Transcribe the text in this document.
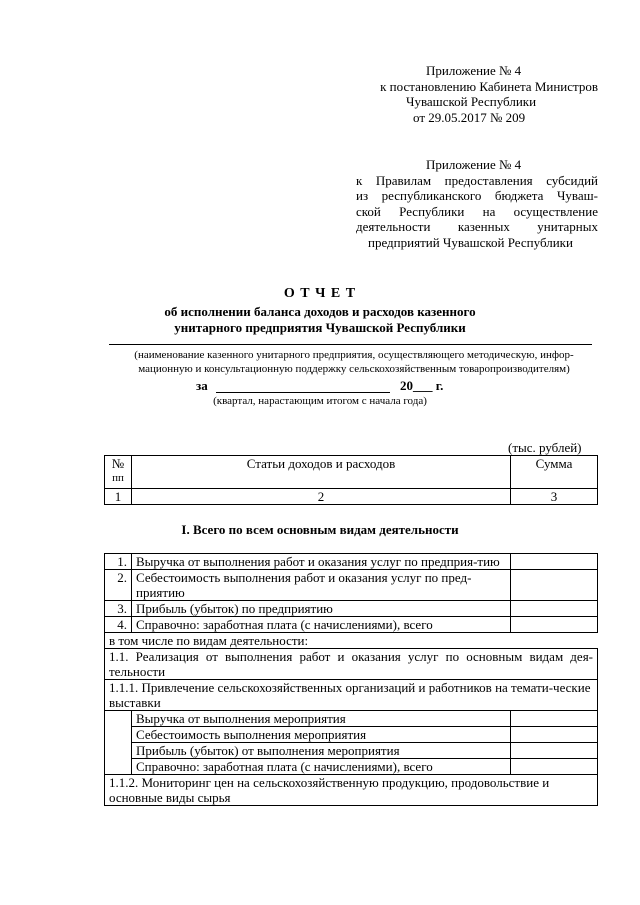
Приложение № 4
к постановлению Кабинета Министров
Чувашской Республики
от 29.05.2017 № 209
Приложение № 4
к Правилам предоставления субсидий
из республиканского бюджета Чуваш-
ской Республики на осуществление
деятельности казенных унитарных
предприятий Чувашской Республики
О Т Ч Е Т
об исполнении баланса доходов и расходов казенного
унитарного предприятия Чувашской Республики
(наименование казенного унитарного предприятия, осуществляющего методическую, инфор-
мационную и консультационную поддержку сельскохозяйственным товаропроизводителям)
за	20___ г.
(квартал, нарастающим итогом с начала года)
(тыс. рублей)
№
пп	Статьи доходов и расходов	Сумма
1	2	3
I. Всего по всем основным видам деятельности
1.	Выручка от выполнения работ и оказания услуг по предприя-тию	
2.	Себестоимость выполнения работ и оказания услуг по пред-приятию	
3.	Прибыль (убыток) по предприятию	
4.	Справочно: заработная плата (с начислениями), всего	
в том числе по видам деятельности:		
1.1. Реализация от выполнения работ и оказания услуг по основным видам дея-тельности		
1.1.1. Привлечение сельскохозяйственных организаций и работников на темати-ческие выставки		
	Выручка от выполнения мероприятия	
	Себестоимость выполнения мероприятия	
	Прибыль (убыток) от выполнения мероприятия	
	Справочно: заработная плата (с начислениями), всего	
1.1.2. Мониторинг цен на сельскохозяйственную продукцию, продовольствие и основные виды сырья		
